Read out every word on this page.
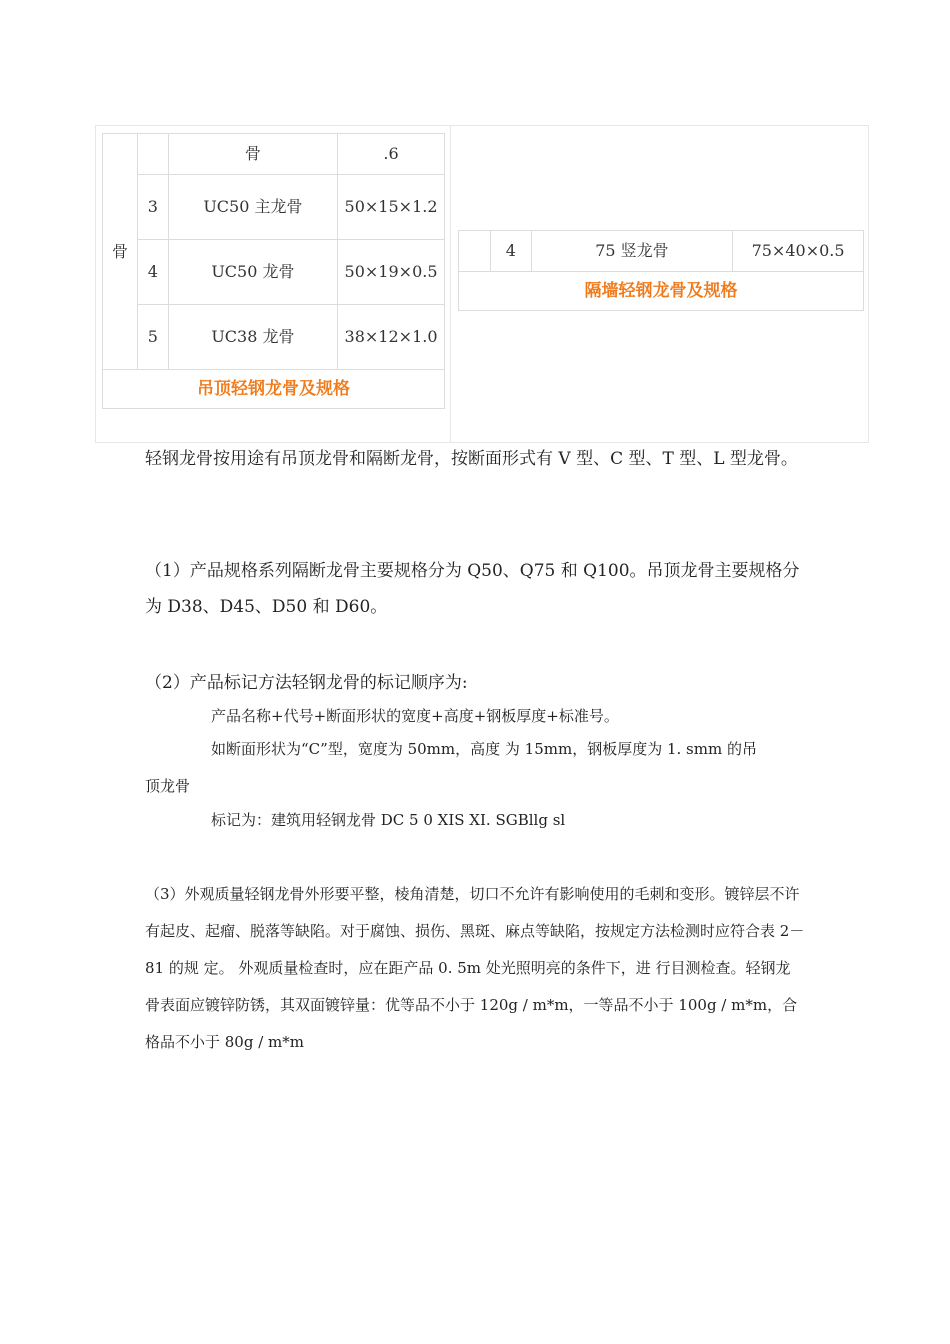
骨		骨	.6
	3	UC50 主龙骨	50×15×1.2
	4	UC50 龙骨	50×19×0.5
	5	UC38 龙骨	38×12×1.0
吊顶轻钢龙骨及规格			
	4	75 竖龙骨	75×40×0.5
隔墙轻钢龙骨及规格
轻钢龙骨按用途有吊顶龙骨和隔断龙骨，按断面形式有 V 型、C 型、T 型、L 型龙骨。
（1）产品规格系列隔断龙骨主要规格分为 Q50、Q75 和 Q100。吊顶龙骨主要规格分为 D38、D45、D50 和 D60。
（2）产品标记方法轻钢龙骨的标记顺序为:
产品名称+代号+断面形状的宽度+高度+钢板厚度+标准号。
如断面形状为“C”型，宽度为 50mm，高度 为 15mm，钢板厚度为 1. smm 的吊
顶龙骨
标记为：建筑用轻钢龙骨 DC 5 0 XIS XI. SGBllg sl
（3）外观质量轻钢龙骨外形要平整，棱角清楚，切口不允许有影响使用的毛刺和变形。镀锌层不许有起皮、起瘤、脱落等缺陷。对于腐蚀、损伤、黑斑、麻点等缺陷，按规定方法检测时应符合表 2－81 的规 定。 外观质量检查时，应在距产品 0. 5m 处光照明亮的条件下，进 行目测检查。轻钢龙骨表面应镀锌防锈，其双面镀锌量：优等品不小于 120g / m*m，一等品不小于 100g / m*m，合格品不小于 80g / m*m
